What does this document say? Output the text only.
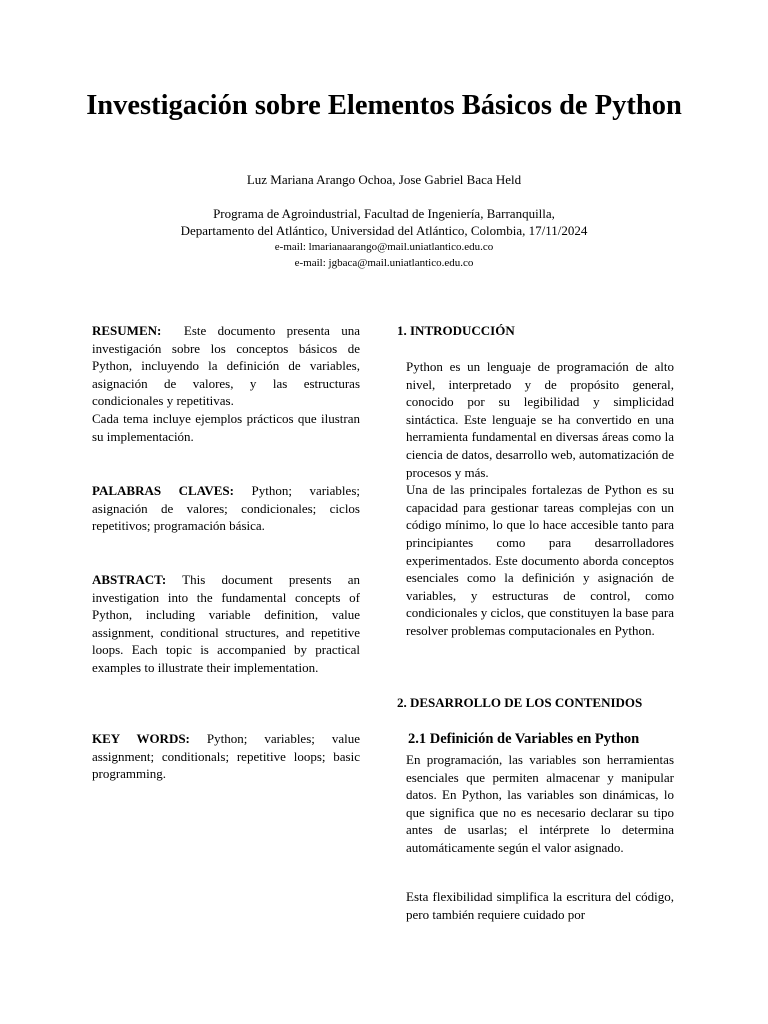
Investigación sobre Elementos Básicos de Python
Luz Mariana Arango Ochoa, Jose Gabriel Baca Held
Programa de Agroindustrial, Facultad de Ingeniería, Barranquilla,
Departamento del Atlántico, Universidad del Atlántico, Colombia, 17/11/2024
e-mail: lmarianaarango@mail.uniatlantico.edu.co
e-mail: jgbaca@mail.uniatlantico.edu.co

RESUMEN: Este documento presenta una investigación sobre los conceptos básicos de Python, incluyendo la definición de variables, asignación de valores, y las estructuras condicionales y repetitivas.

Cada tema incluye ejemplos prácticos que ilustran su implementación.

PALABRAS CLAVES: Python; variables; asignación de valores; condicionales; ciclos repetitivos; programación básica.

ABSTRACT: This document presents an investigation into the fundamental concepts of Python, including variable definition, value assignment, conditional structures, and repetitive loops. Each topic is accompanied by practical examples to illustrate their implementation.

KEY WORDS: Python; variables; value assignment; conditionals; repetitive loops; basic programming.

1. INTRODUCCIÓN

Python es un lenguaje de programación de alto nivel, interpretado y de propósito general, conocido por su legibilidad y simplicidad sintáctica. Este lenguaje se ha convertido en una herramienta fundamental en diversas áreas como la ciencia de datos, desarrollo web, automatización de procesos y más.

Una de las principales fortalezas de Python es su capacidad para gestionar tareas complejas con un código mínimo, lo que lo hace accesible tanto para principiantes como para desarrolladores experimentados. Este documento aborda conceptos esenciales como la definición y asignación de variables, y estructuras de control, como condicionales y ciclos, que constituyen la base para resolver problemas computacionales en Python.

2. DESARROLLO DE LOS CONTENIDOS
2.1 Definición de Variables en Python

En programación, las variables son herramientas esenciales que permiten almacenar y manipular datos. En Python, las variables son dinámicas, lo que significa que no es necesario declarar su tipo antes de usarlas; el intérprete lo determina automáticamente según el valor asignado.

Esta flexibilidad simplifica la escritura del código, pero también requiere cuidado por
